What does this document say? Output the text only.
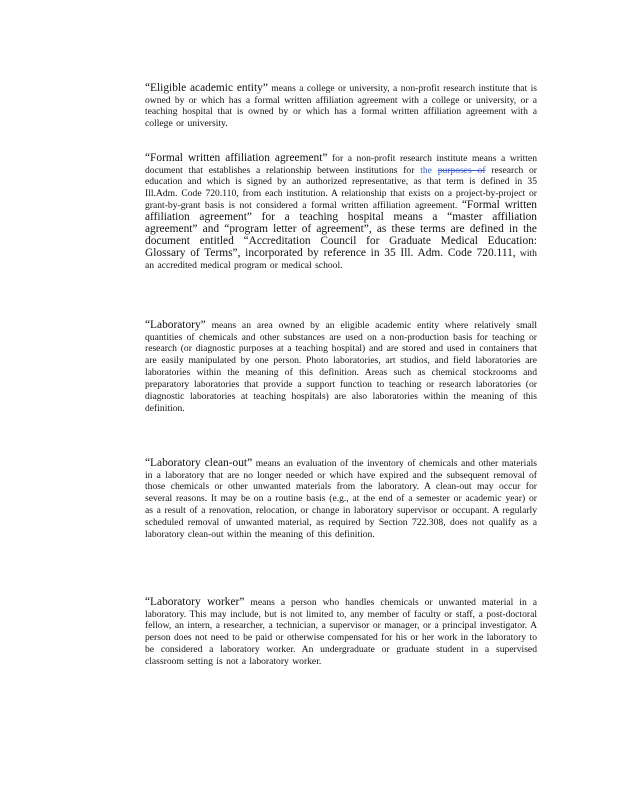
“Eligible academic entity” means a college or university, a non-profit research institute that is owned by or which has a formal written affiliation agreement with a college or university, or a teaching hospital that is owned by or which has a formal written affiliation agreement with a college or university.

“Formal written affiliation agreement” for a non-profit research institute means a written document that establishes a relationship between institutions for the purposes of research or education and which is signed by an authorized representative, as that term is defined in 35 Ill.Adm. Code 720.110, from each institution. A relationship that exists on a project-by-project or grant-by-grant basis is not considered a formal written affiliation agreement. “Formal written affiliation agreement” for a teaching hospital means a “master affiliation agreement” and “program letter of agreement”, as these terms are defined in the document entitled “Accreditation Council for Graduate Medical Education: Glossary of Terms”, incorporated by reference in 35 Ill. Adm. Code 720.111, with an accredited medical program or medical school.

“Laboratory” means an area owned by an eligible academic entity where relatively small quantities of chemicals and other substances are used on a non-production basis for teaching or research (or diagnostic purposes at a teaching hospital) and are stored and used in containers that are easily manipulated by one person. Photo laboratories, art studios, and field laboratories are laboratories within the meaning of this definition. Areas such as chemical stockrooms and preparatory laboratories that provide a support function to teaching or research laboratories (or diagnostic laboratories at teaching hospitals) are also laboratories within the meaning of this definition.

“Laboratory clean-out” means an evaluation of the inventory of chemicals and other materials in a laboratory that are no longer needed or which have expired and the subsequent removal of those chemicals or other unwanted materials from the laboratory. A clean-out may occur for several reasons. It may be on a routine basis (e.g., at the end of a semester or academic year) or as a result of a renovation, relocation, or change in laboratory supervisor or occupant. A regularly scheduled removal of unwanted material, as required by Section 722.308, does not qualify as a laboratory clean-out within the meaning of this definition.

“Laboratory worker” means a person who handles chemicals or unwanted material in a laboratory. This may include, but is not limited to, any member of faculty or staff, a post-doctoral fellow, an intern, a researcher, a technician, a supervisor or manager, or a principal investigator. A person does not need to be paid or otherwise compensated for his or her work in the laboratory to be considered a laboratory worker. An undergraduate or graduate student in a supervised classroom setting is not a laboratory worker.
